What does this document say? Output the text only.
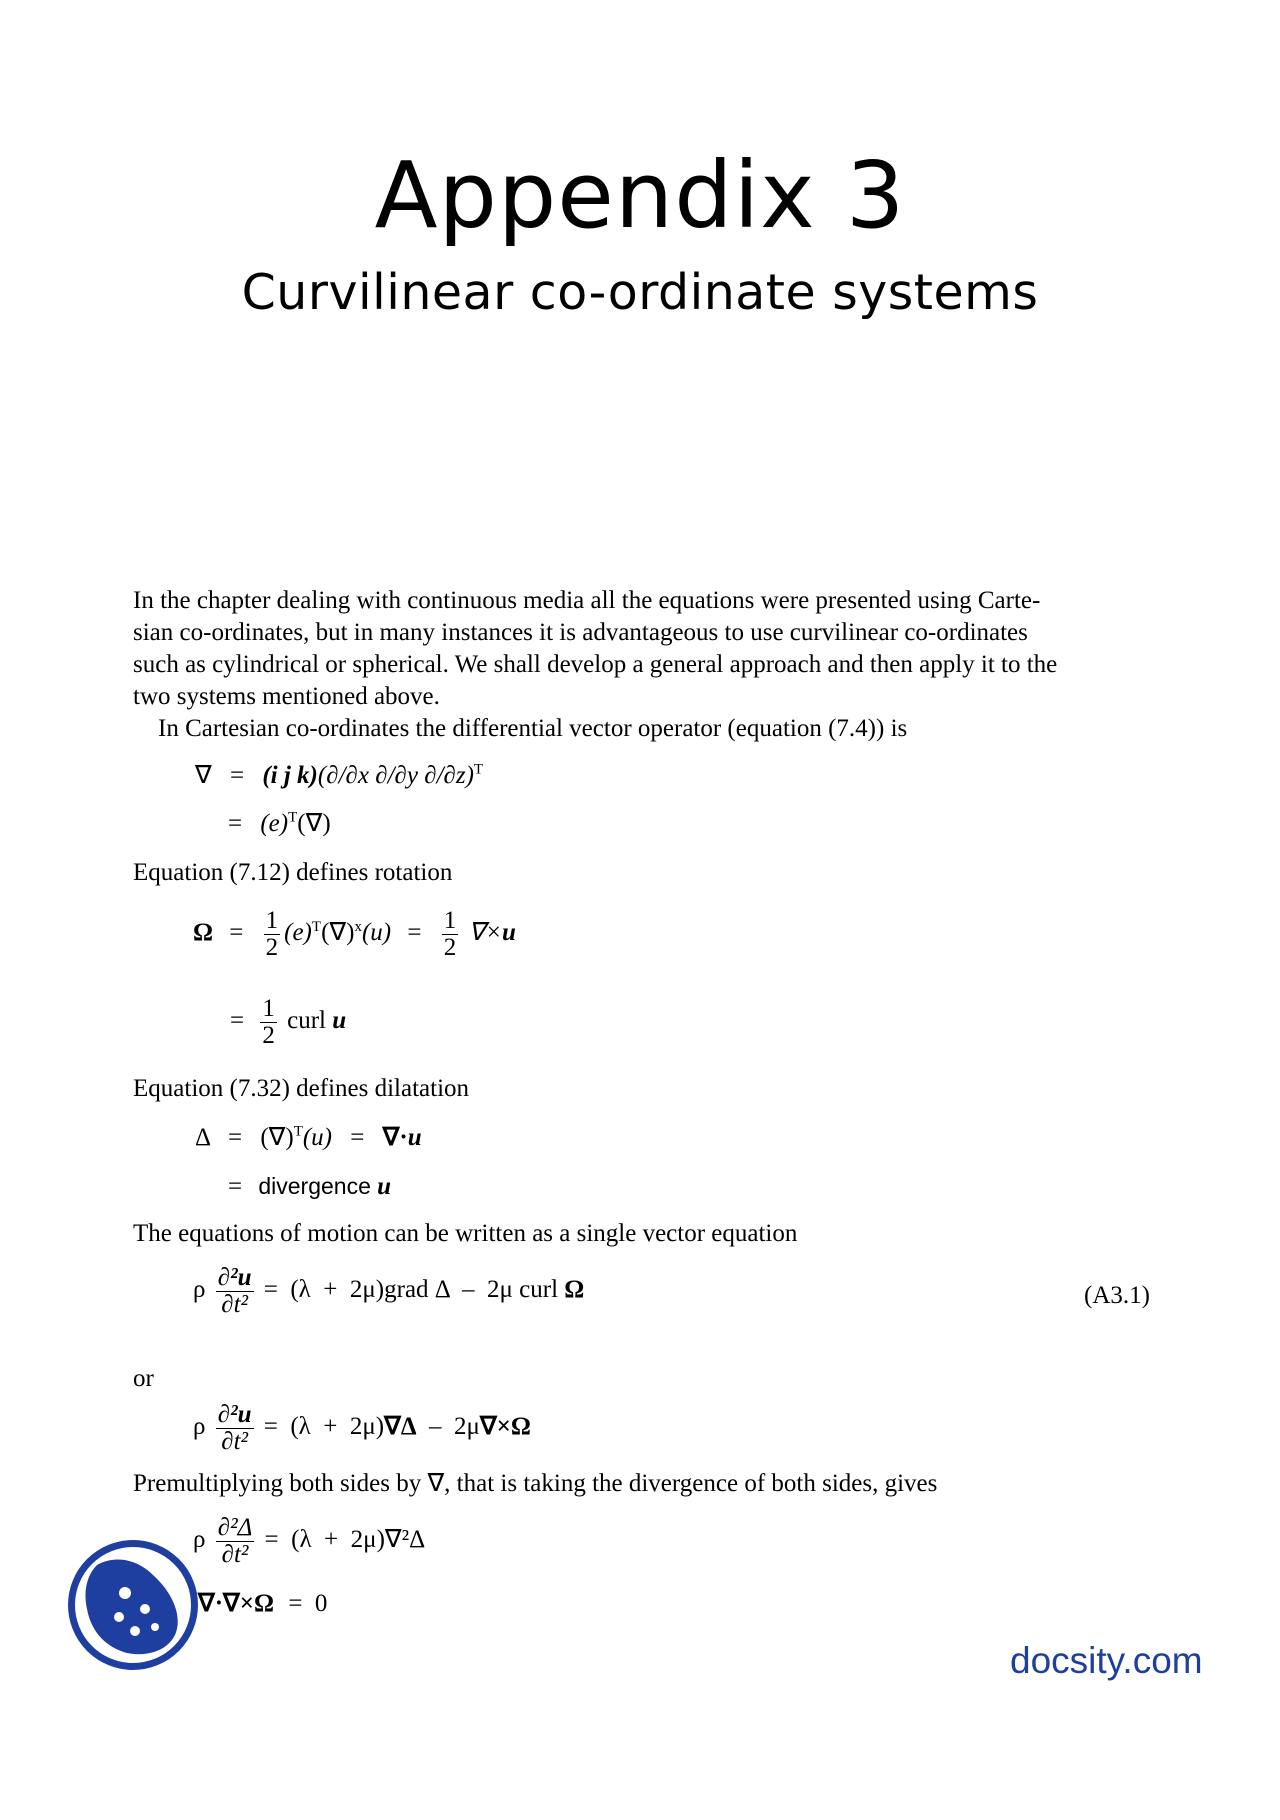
Appendix 3
Curvilinear co-ordinate systems
In the chapter dealing with continuous media all the equations were presented using Carte-
sian co-ordinates, but in many instances it is advantageous to use curvilinear co-ordinates
such as cylindrical or spherical. We shall develop a general approach and then apply it to the
two systems mentioned above.
In Cartesian co-ordinates the differential vector operator (equation (7.4)) is
∇ = (i j k)(∂/∂x ∂/∂y ∂/∂z)$^T$
= $(e)^T(\nabla)$
Equation (7.12) defines rotation
$\Omega = \frac{1}{2} (e)^T(\nabla)^x(u) = \frac{1}{2} \nabla\times u$
= $\frac{1}{2}$ curl u
Equation (7.32) defines dilatation
Δ = (∇)$^T$(u) = ∇·u
= divergence u
The equations of motion can be written as a single vector equation
ρ $\frac{\text{∂²u}}{\text{∂t²}} = (\lambda$  +  2μ)grad Δ  –  2μ curl Ω	(A3.1)
or
ρ $\frac{\text{∂²u}}{\text{∂t²}} = (\lambda + 2\mu)\nabla\Delta - 2\mu\nabla\times\Omega$
Premultiplying both sides by ∇, that is taking the divergence of both sides, gives
ρ $\frac{\text{∂²Δ}}{\text{∂t²}} = (\lambda + 2\mu)\nabla^2\Delta$
∇·∇×Ω =  0
docsity.com
